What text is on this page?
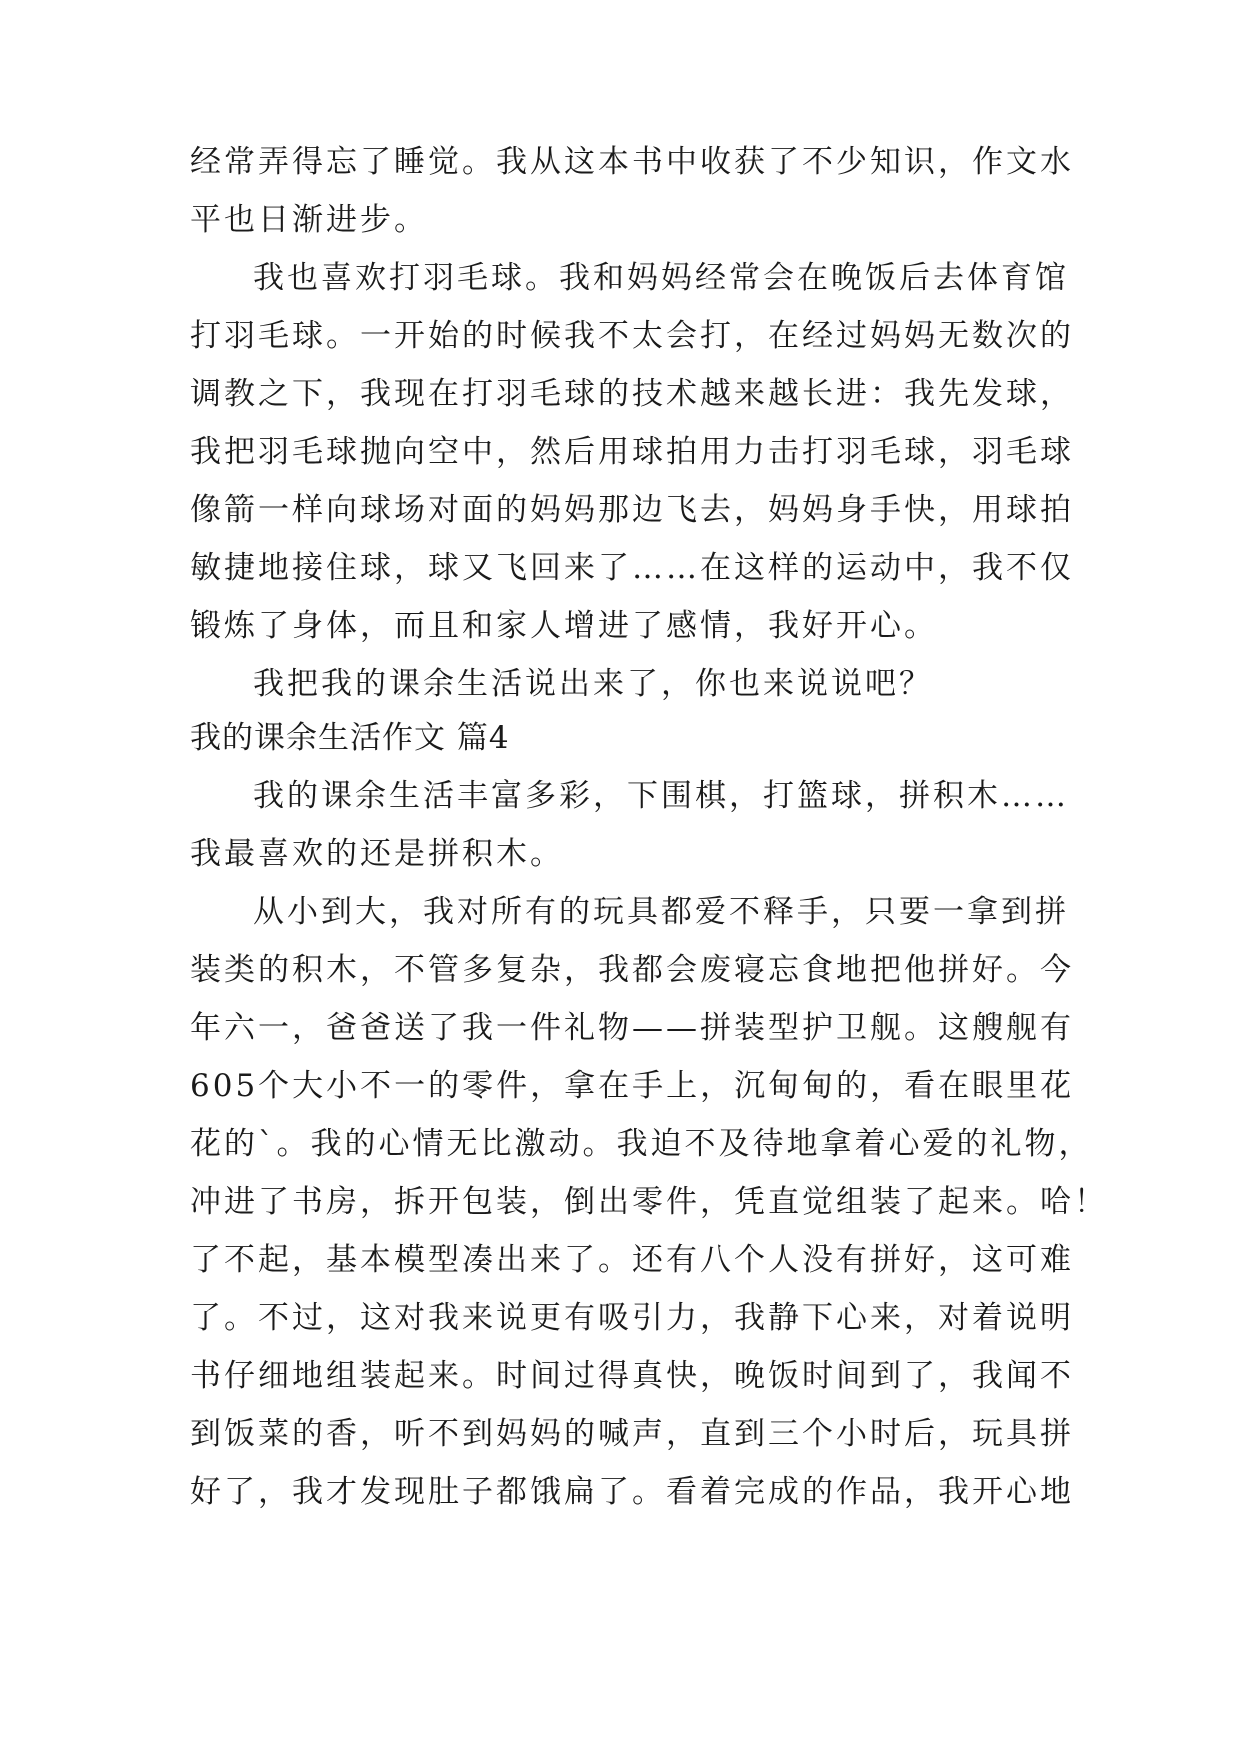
经常弄得忘了睡觉。我从这本书中收获了不少知识，作文水
平也日渐进步。
我也喜欢打羽毛球。我和妈妈经常会在晚饭后去体育馆
打羽毛球。一开始的时候我不太会打，在经过妈妈无数次的
调教之下，我现在打羽毛球的技术越来越长进：我先发球，
我把羽毛球抛向空中，然后用球拍用力击打羽毛球，羽毛球
像箭一样向球场对面的妈妈那边飞去，妈妈身手快，用球拍
敏捷地接住球，球又飞回来了……在这样的运动中，我不仅
锻炼了身体，而且和家人增进了感情，我好开心。
我把我的课余生活说出来了，你也来说说吧？
我的课余生活作文 篇4
我的课余生活丰富多彩，下围棋，打篮球，拼积木……
我最喜欢的还是拼积木。
从小到大，我对所有的玩具都爱不释手，只要一拿到拼
装类的积木，不管多复杂，我都会废寝忘食地把他拼好。今
年六一，爸爸送了我一件礼物——拼装型护卫舰。这艘舰有
605个大小不一的零件，拿在手上，沉甸甸的，看在眼里花
花的`。我的心情无比激动。我迫不及待地拿着心爱的礼物，
冲进了书房，拆开包装，倒出零件，凭直觉组装了起来。哈！
了不起，基本模型凑出来了。还有八个人没有拼好，这可难
了。不过，这对我来说更有吸引力，我静下心来，对着说明
书仔细地组装起来。时间过得真快，晚饭时间到了，我闻不
到饭菜的香，听不到妈妈的喊声，直到三个小时后，玩具拼
好了，我才发现肚子都饿扁了。看着完成的作品，我开心地
